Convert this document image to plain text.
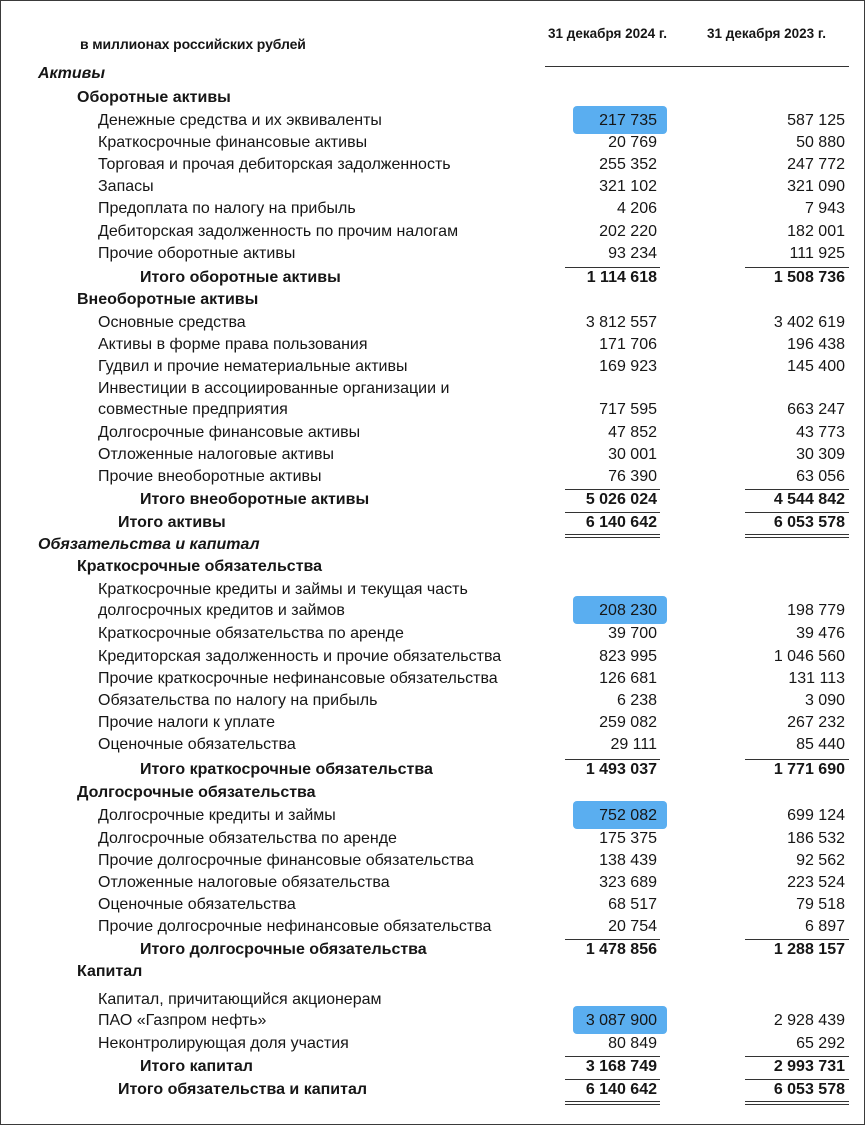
в миллионах российских рублей
31 декабря 2024 г.	31 декабря 2023 г.
Активы
Оборотные активы
Денежные средства и их эквиваленты	217 735	587 125
Краткосрочные финансовые активы	20 769	50 880
Торговая и прочая дебиторская задолженность	255 352	247 772
Запасы	321 102	321 090
Предоплата по налогу на прибыль	4 206	7 943
Дебиторская задолженность по прочим налогам	202 220	182 001
Прочие оборотные активы	93 234	111 925
Итого оборотные активы	1 114 618	1 508 736
Внеоборотные активы
Основные средства	3 812 557	3 402 619
Активы в форме права пользования	171 706	196 438
Гудвил и прочие нематериальные активы	169 923	145 400
Инвестиции в ассоциированные организации и
совместные предприятия	717 595	663 247
Долгосрочные финансовые активы	47 852	43 773
Отложенные налоговые активы	30 001	30 309
Прочие внеоборотные активы	76 390	63 056
Итого внеоборотные активы	5 026 024	4 544 842
Итого активы	6 140 642	6 053 578
Обязательства и капитал
Краткосрочные обязательства
Краткосрочные кредиты и займы и текущая часть
долгосрочных кредитов и займов	208 230	198 779
Краткосрочные обязательства по аренде	39 700	39 476
Кредиторская задолженность и прочие обязательства	823 995	1 046 560
Прочие краткосрочные нефинансовые обязательства	126 681	131 113
Обязательства по налогу на прибыль	6 238	3 090
Прочие налоги к уплате	259 082	267 232
Оценочные обязательства	29 111	85 440
Итого краткосрочные обязательства	1 493 037	1 771 690
Долгосрочные обязательства
Долгосрочные кредиты и займы	752 082	699 124
Долгосрочные обязательства по аренде	175 375	186 532
Прочие долгосрочные финансовые обязательства	138 439	92 562
Отложенные налоговые обязательства	323 689	223 524
Оценочные обязательства	68 517	79 518
Прочие долгосрочные нефинансовые обязательства	20 754	6 897
Итого долгосрочные обязательства	1 478 856	1 288 157
Капитал
Капитал, причитающийся акционерам
ПАО «Газпром нефть»	3 087 900	2 928 439
Неконтролирующая доля участия	80 849	65 292
Итого капитал	3 168 749	2 993 731
Итого обязательства и капитал	6 140 642	6 053 578
